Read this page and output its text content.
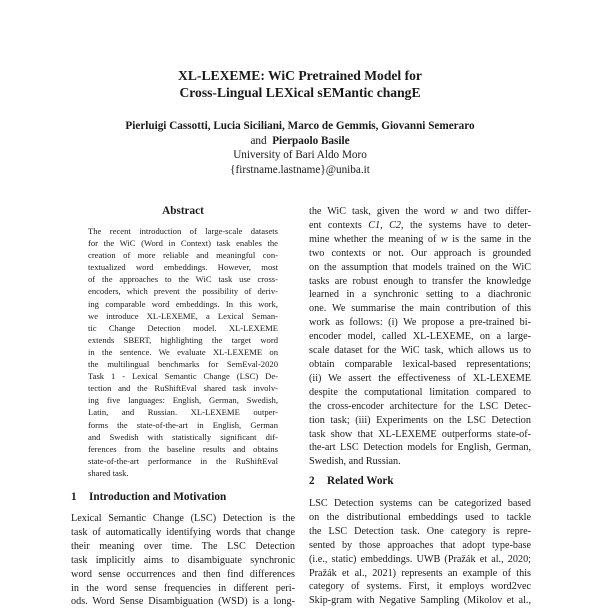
XL-LEXEME: WiC Pretrained Model for
Cross-Lingual LEXical sEMantic changE
Pierluigi Cassotti, Lucia Siciliani, Marco de Gemmis, Giovanni Semeraro
and Pierpaolo Basile
University of Bari Aldo Moro
{firstname.lastname}@uniba.it
Abstract
The recent introduction of large-scale datasets
for the WiC (Word in Context) task enables the
creation of more reliable and meaningful con-
textualized word embeddings. However, most
of the approaches to the WiC task use cross-
encoders, which prevent the possibility of deriv-
ing comparable word embeddings. In this work,
we introduce XL-LEXEME, a Lexical Seman-
tic Change Detection model. XL-LEXEME
extends SBERT, highlighting the target word
in the sentence. We evaluate XL-LEXEME on
the multilingual benchmarks for SemEval-2020
Task 1 - Lexical Semantic Change (LSC) De-
tection and the RuShiftEval shared task involv-
ing five languages: English, German, Swedish,
Latin, and Russian. XL-LEXEME outper-
forms the state-of-the-art in English, German
and Swedish with statistically significant dif-
ferences from the baseline results and obtains
state-of-the-art performance in the RuShiftEval
shared task.
1 Introduction and Motivation
Lexical Semantic Change (LSC) Detection is the
task of automatically identifying words that change
their meaning over time. The LSC Detection
task implicitly aims to disambiguate synchronic
word sense occurrences and then find differences
in the word sense frequencies in different peri-
ods. Word Sense Disambiguation (WSD) is a long-
the WiC task, given the word w and two differ-
ent contexts C1, C2, the systems have to deter-
mine whether the meaning of w is the same in the
two contexts or not. Our approach is grounded
on the assumption that models trained on the WiC
tasks are robust enough to transfer the knowledge
learned in a synchronic setting to a diachronic
one. We summarise the main contribution of this
work as follows: (i) We propose a pre-trained bi-
encoder model, called XL-LEXEME, on a large-
scale dataset for the WiC task, which allows us to
obtain comparable lexical-based representations;
(ii) We assert the effectiveness of XL-LEXEME
despite the computational limitation compared to
the cross-encoder architecture for the LSC Detec-
tion task; (iii) Experiments on the LSC Detection
task show that XL-LEXEME outperforms state-of-
the-art LSC Detection models for English, German,
Swedish, and Russian.
2 Related Work
LSC Detection systems can be categorized based
on the distributional embeddings used to tackle
the LSC Detection task. One category is repre-
sented by those approaches that adopt type-base
(i.e., static) embeddings. UWB (Pražák et al., 2020;
Pražák et al., 2021) represents an example of this
category of systems. First, it employs word2vec
Skip-gram with Negative Sampling (Mikolov et al.,
